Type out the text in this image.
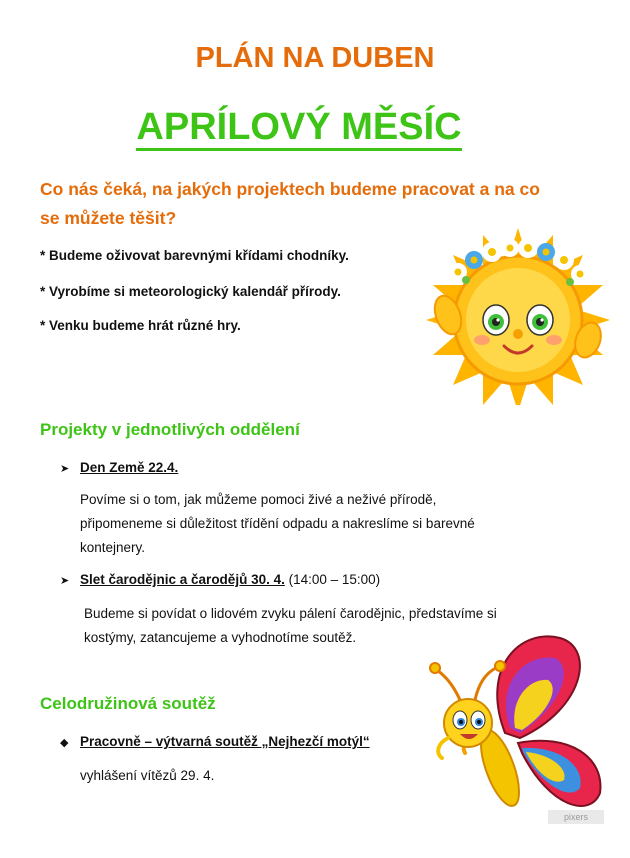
PLÁN NA DUBEN
APRÍLOVÝ MĚSÍC
Co nás čeká, na jakých projektech budeme pracovat a na co
se můžete těšit?
* Budeme oživovat barevnými křídami chodníky.
* Vyrobíme si meteorologický kalendář přírody.
* Venku budeme hrát různé hry.
Projekty v jednotlivých oddělení
➤ Den Země 22.4.
Povíme si o tom, jak můžeme pomoci živé a neživé přírodě,
připomeneme si důležitost třídění odpadu a nakreslíme si barevné
kontejnery.
➤ Slet čarodějnic a čarodějů 30. 4. (14:00 – 15:00)
Budeme si povídat o lidovém zvyku pálení čarodějnic, představíme si
kostýmy, zatancujeme a vyhodnotíme soutěž.
Celodružinová soutěž
◆ Pracovně – výtvarná soutěž „Nejhezčí motýl“
vyhlášení vítězů 29. 4.
pixers
